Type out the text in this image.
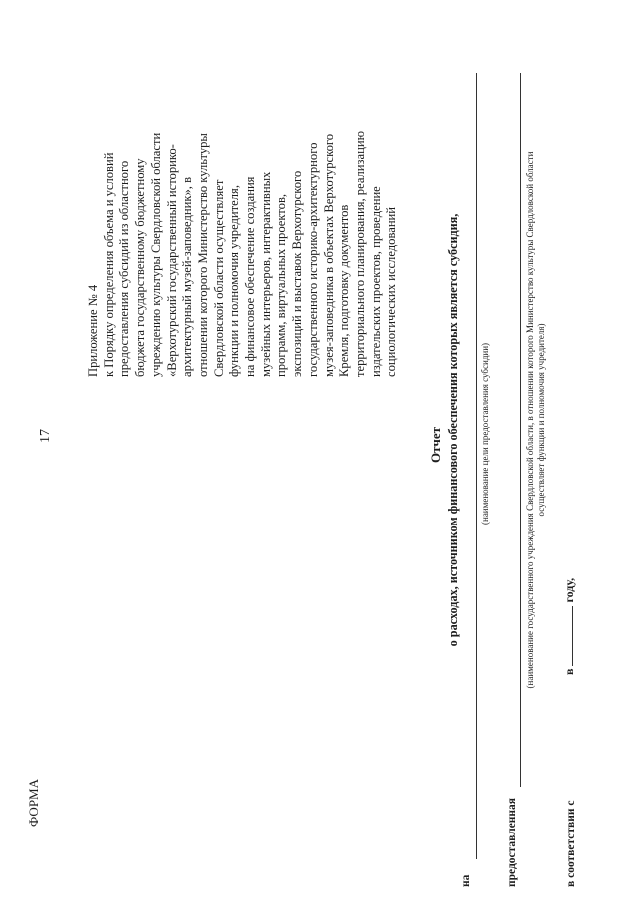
17
Приложение № 4 к Порядку определения объема и условий предоставления субсидий из областного бюджета государственному бюджетному учреждению культуры Свердловской области «Верхотурский государственный историко- архитектурный музей-заповедник», в отношении которого Министерство культуры Свердловской области осуществляет функции и полномочия учредителя, на финансовое обеспечение создания музейных интерьеров, интерактивных программ, виртуальных проектов, экспозиций и выставок Верхотурского государственного историко-архитектурного музея-заповедника в объектах Верхотурского Кремля, подготовку документов территориального планирования, реализацию издательских проектов, проведение социологических исследований
ФОРМА
Отчет о расходах, источником финансового обеспечения которых является субсидия,
на
(наименование цели предоставления субсидии)
предоставленная
(наименование государственного учреждения Свердловской области, в отношении которого Министерство культуры Свердловской области осуществляет функции и полномочия учредителя)
вгоду,
в соответствии с
